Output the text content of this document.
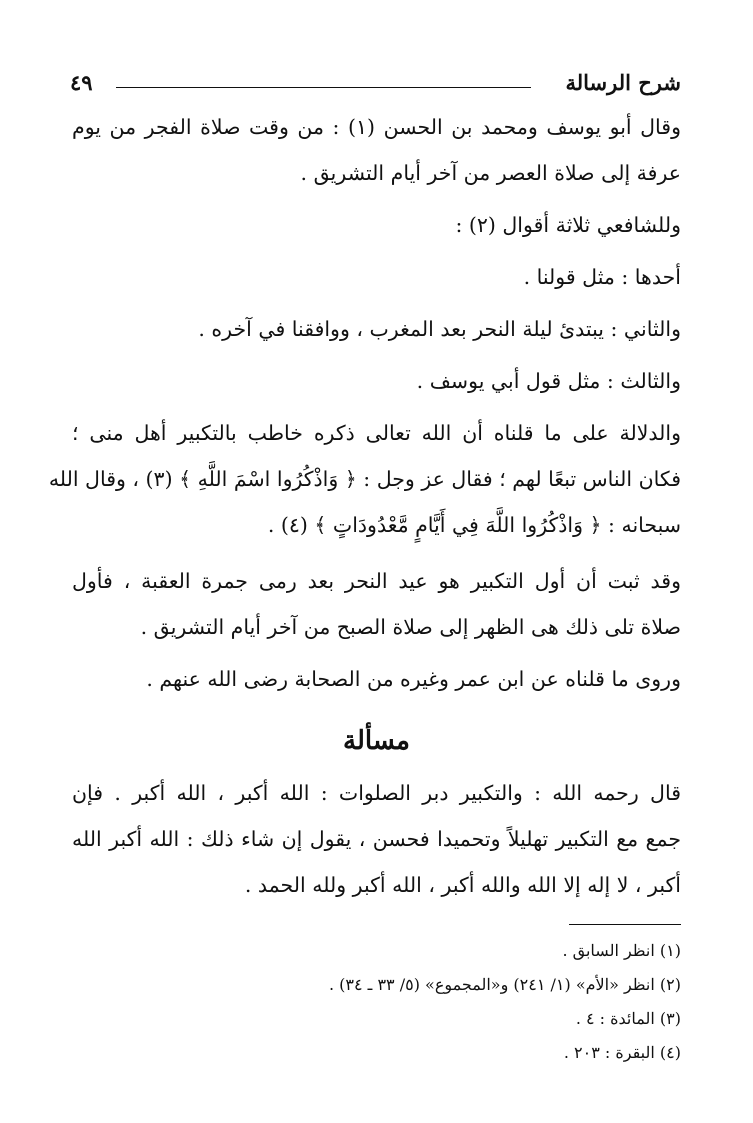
شرح الرسالة
٤٩
وقال أبو يوسف ومحمد بن الحسن (١) : من وقت صلاة الفجر من يوم
عرفة إلى صلاة العصر من آخر أيام التشريق .
وللشافعي ثلاثة أقوال (٢) :
أحدها : مثل قولنا .
والثاني : يبتدئ ليلة النحر بعد المغرب ، ووافقنا في آخره .
والثالث : مثل قول أبي يوسف .
والدلالة على ما قلناه أن الله تعالى ذكره خاطب بالتكبير أهل منى ؛
فكان الناس تبعًا لهم ؛ فقال عز وجل : ﴿ وَاذْكُرُوا اسْمَ اللَّهِ ﴾ (٣) ، وقال الله
سبحانه : ﴿ وَاذْكُرُوا اللَّهَ فِي أَيَّامٍ مَّعْدُودَاتٍ ﴾ (٤) .
وقد ثبت أن أول التكبير هو عيد النحر بعد رمى جمرة العقبة ، فأول
صلاة تلى ذلك هى الظهر إلى صلاة الصبح من آخر أيام التشريق .
وروى ما قلناه عن ابن عمر وغيره من الصحابة رضى الله عنهم .
مسألة
قال رحمه الله : والتكبير دبر الصلوات : الله أكبر ، الله أكبر . فإن
جمع مع التكبير تهليلاً وتحميدا فحسن ، يقول إن شاء ذلك : الله أكبر الله
أكبر ، لا إله إلا الله والله أكبر ، الله أكبر ولله الحمد .
(١) انظر السابق .
(٢) انظر «الأم» (١/ ٢٤١) و«المجموع» (٥/ ٣٣ ـ ٣٤) .
(٣) المائدة : ٤ .
(٤) البقرة : ٢٠٣ .
